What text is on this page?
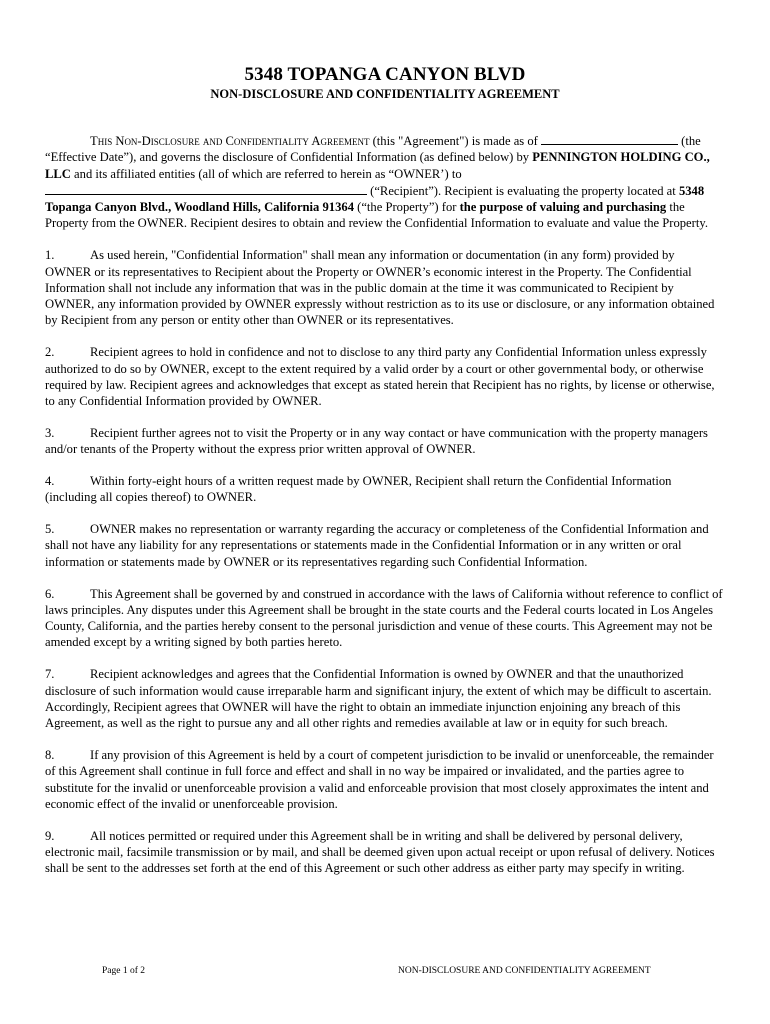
5348 TOPANGA CANYON BLVD
NON-DISCLOSURE AND CONFIDENTIALITY AGREEMENT

This Non-Disclosure and Confidentiality Agreement (this "Agreement") is made as of	(the “Effective Date”), and governs the disclosure of Confidential Information (as defined below) by PENNINGTON HOLDING CO., LLC and its affiliated entities (all of which are referred to herein as “OWNER’) to  (“Recipient”). Recipient is evaluating the property located at 5348 Topanga Canyon Blvd., Woodland Hills, California 91364 (“the Property”) for the purpose of valuing and purchasing the Property from the OWNER. Recipient desires to obtain and review the Confidential Information to evaluate and value the Property.

1.	As used herein, "Confidential Information" shall mean any information or documentation (in any form) provided by OWNER or its representatives to Recipient about the Property or OWNER’s economic interest in the Property. The Confidential Information shall not include any information that was in the public domain at the time it was communicated to Recipient by OWNER, any information provided by OWNER expressly without restriction as to its use or disclosure, or any information obtained by Recipient from any person or entity other than OWNER or its representatives.

2.	Recipient agrees to hold in confidence and not to disclose to any third party any Confidential Information unless expressly authorized to do so by OWNER, except to the extent required by a valid order by a court or other governmental body, or otherwise required by law. Recipient agrees and acknowledges that except as stated herein that Recipient has no rights, by license or otherwise, to any Confidential Information provided by OWNER.

3.	Recipient further agrees not to visit the Property or in any way contact or have communication with the property managers and/or tenants of the Property without the express prior written approval of OWNER.

4.	Within forty-eight hours of a written request made by OWNER, Recipient shall return the Confidential Information (including all copies thereof) to OWNER.

5.	OWNER makes no representation or warranty regarding the accuracy or completeness of the Confidential Information and shall not have any liability for any representations or statements made in the Confidential Information or in any written or oral information or statements made by OWNER or its representatives regarding such Confidential Information.

6.	This Agreement shall be governed by and construed in accordance with the laws of California without reference to conflict of laws principles. Any disputes under this Agreement shall be brought in the state courts and the Federal courts located in Los Angeles County, California, and the parties hereby consent to the personal jurisdiction and venue of these courts. This Agreement may not be amended except by a writing signed by both parties hereto.

7.	Recipient acknowledges and agrees that the Confidential Information is owned by OWNER and that the unauthorized disclosure of such information would cause irreparable harm and significant injury, the extent of which may be difficult to ascertain. Accordingly, Recipient agrees that OWNER will have the right to obtain an immediate injunction enjoining any breach of this Agreement, as well as the right to pursue any and all other rights and remedies available at law or in equity for such breach.

8.	If any provision of this Agreement is held by a court of competent jurisdiction to be invalid or unenforceable, the remainder of this Agreement shall continue in full force and effect and shall in no way be impaired or invalidated, and the parties agree to substitute for the invalid or unenforceable provision a valid and enforceable provision that most closely approximates the intent and economic effect of the invalid or unenforceable provision.

9.	All notices permitted or required under this Agreement shall be in writing and shall be delivered by personal delivery, electronic mail, facsimile transmission or by mail, and shall be deemed given upon actual receipt or upon refusal of delivery. Notices shall be sent to the addresses set forth at the end of this Agreement or such other address as either party may specify in writing.

Page 1 of 2	NON-DISCLOSURE AND CONFIDENTIALITY AGREEMENT
